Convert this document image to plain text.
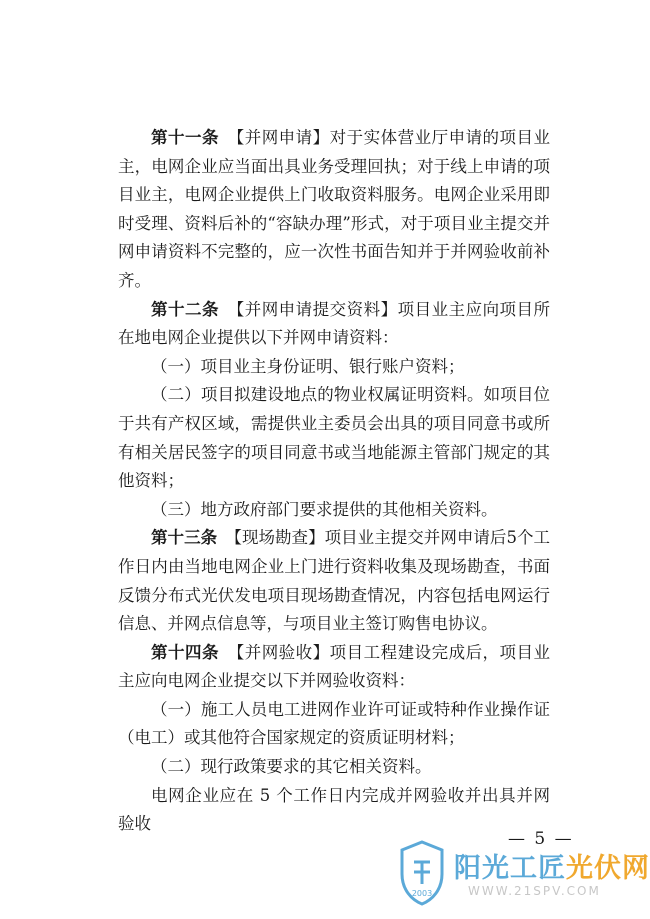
第十一条　 【并网申请】对于实体营业厅申请的项目业主，电网企业应当面出具业务受理回执；对于线上申请的项目业主，电网企业提供上门收取资料服务。电网企业采用即时受理、资料后补的“容缺办理”形式，对于项目业主提交并网申请资料不完整的，应一次性书面告知并于并网验收前补齐。

第十二条　 【并网申请提交资料】项目业主应向项目所在地电网企业提供以下并网申请资料：

（一）项目业主身份证明、银行账户资料；

（二）项目拟建设地点的物业权属证明资料。如项目位于共有产权区域，需提供业主委员会出具的项目同意书或所有相关居民签字的项目同意书或当地能源主管部门规定的其他资料；

（三）地方政府部门要求提供的其他相关资料。

第十三条　 【现场勘查】项目业主提交并网申请后5个工作日内由当地电网企业上门进行资料收集及现场勘查，书面反馈分布式光伏发电项目现场勘查情况，内容包括电网运行信息、并网点信息等，与项目业主签订购售电协议。

第十四条　 【并网验收】项目工程建设完成后，项目业主应向电网企业提交以下并网验收资料：

（一）施工人员电工进网作业许可证或特种作业操作证（电工）或其他符合国家规定的资质证明材料；

（二）现行政策要求的其它相关资料。

电网企业应在 5 个工作日内完成并网验收并出具并网验收

— 5 —
2003
阳光工匠光伏网
WWW.21SPV.COM
